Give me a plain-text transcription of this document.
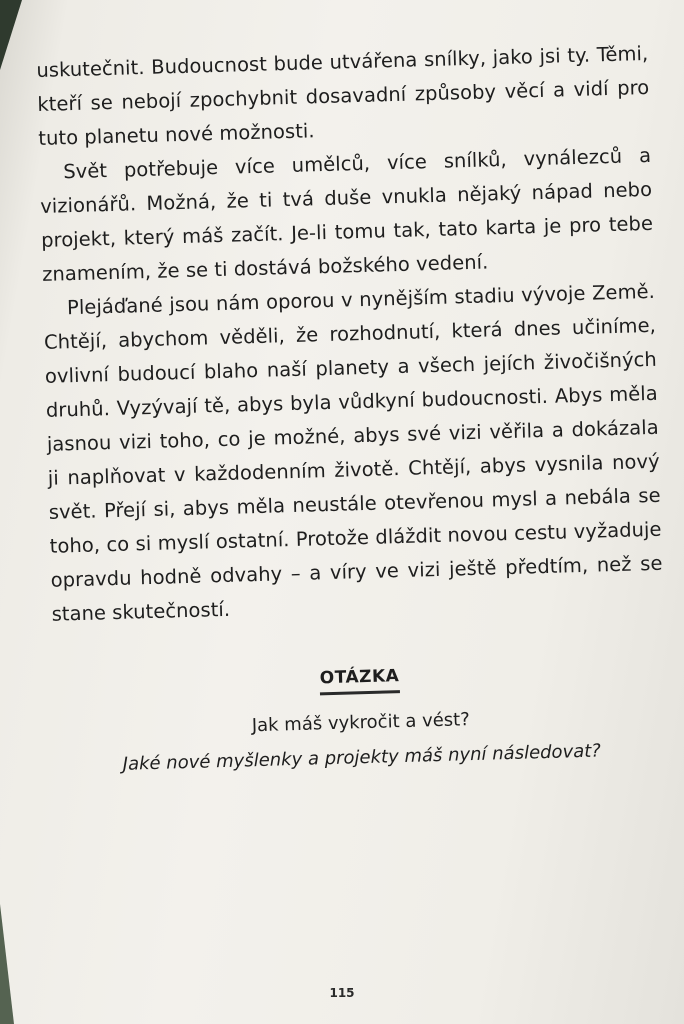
uskutečnit. Budoucnost bude utvářena snílky, jako jsi ty. Těmi, kteří se nebojí zpochybnit dosavadní způsoby věcí a vidí pro tuto planetu nové možnosti.

Svět potřebuje více umělců, více snílků, vynálezců a vizionářů. Možná, že ti tvá duše vnukla nějaký nápad nebo projekt, který máš začít. Je-li tomu tak, tato karta je pro tebe znamením, že se ti dostává božského vedení.

Plejáďané jsou nám oporou v nynějším stadiu vývoje Země. Chtějí, abychom věděli, že rozhodnutí, která dnes učiníme, ovlivní budoucí blaho naší planety a všech jejích živočišných druhů. Vyzývají tě, abys byla vůdkyní budoucnosti. Abys měla jasnou vizi toho, co je možné, abys své vizi věřila a dokázala ji naplňovat v každodenním životě. Chtějí, abys vysnila nový svět. Přejí si, abys měla neustále otevřenou mysl a nebála se toho, co si myslí ostatní. Protože dláždit novou cestu vyžaduje opravdu hodně odvahy – a víry ve vizi ještě předtím, než se stane skutečností.

OTÁZKA
Jak máš vykročit a vést?
Jaké nové myšlenky a projekty máš nyní následovat?
115
